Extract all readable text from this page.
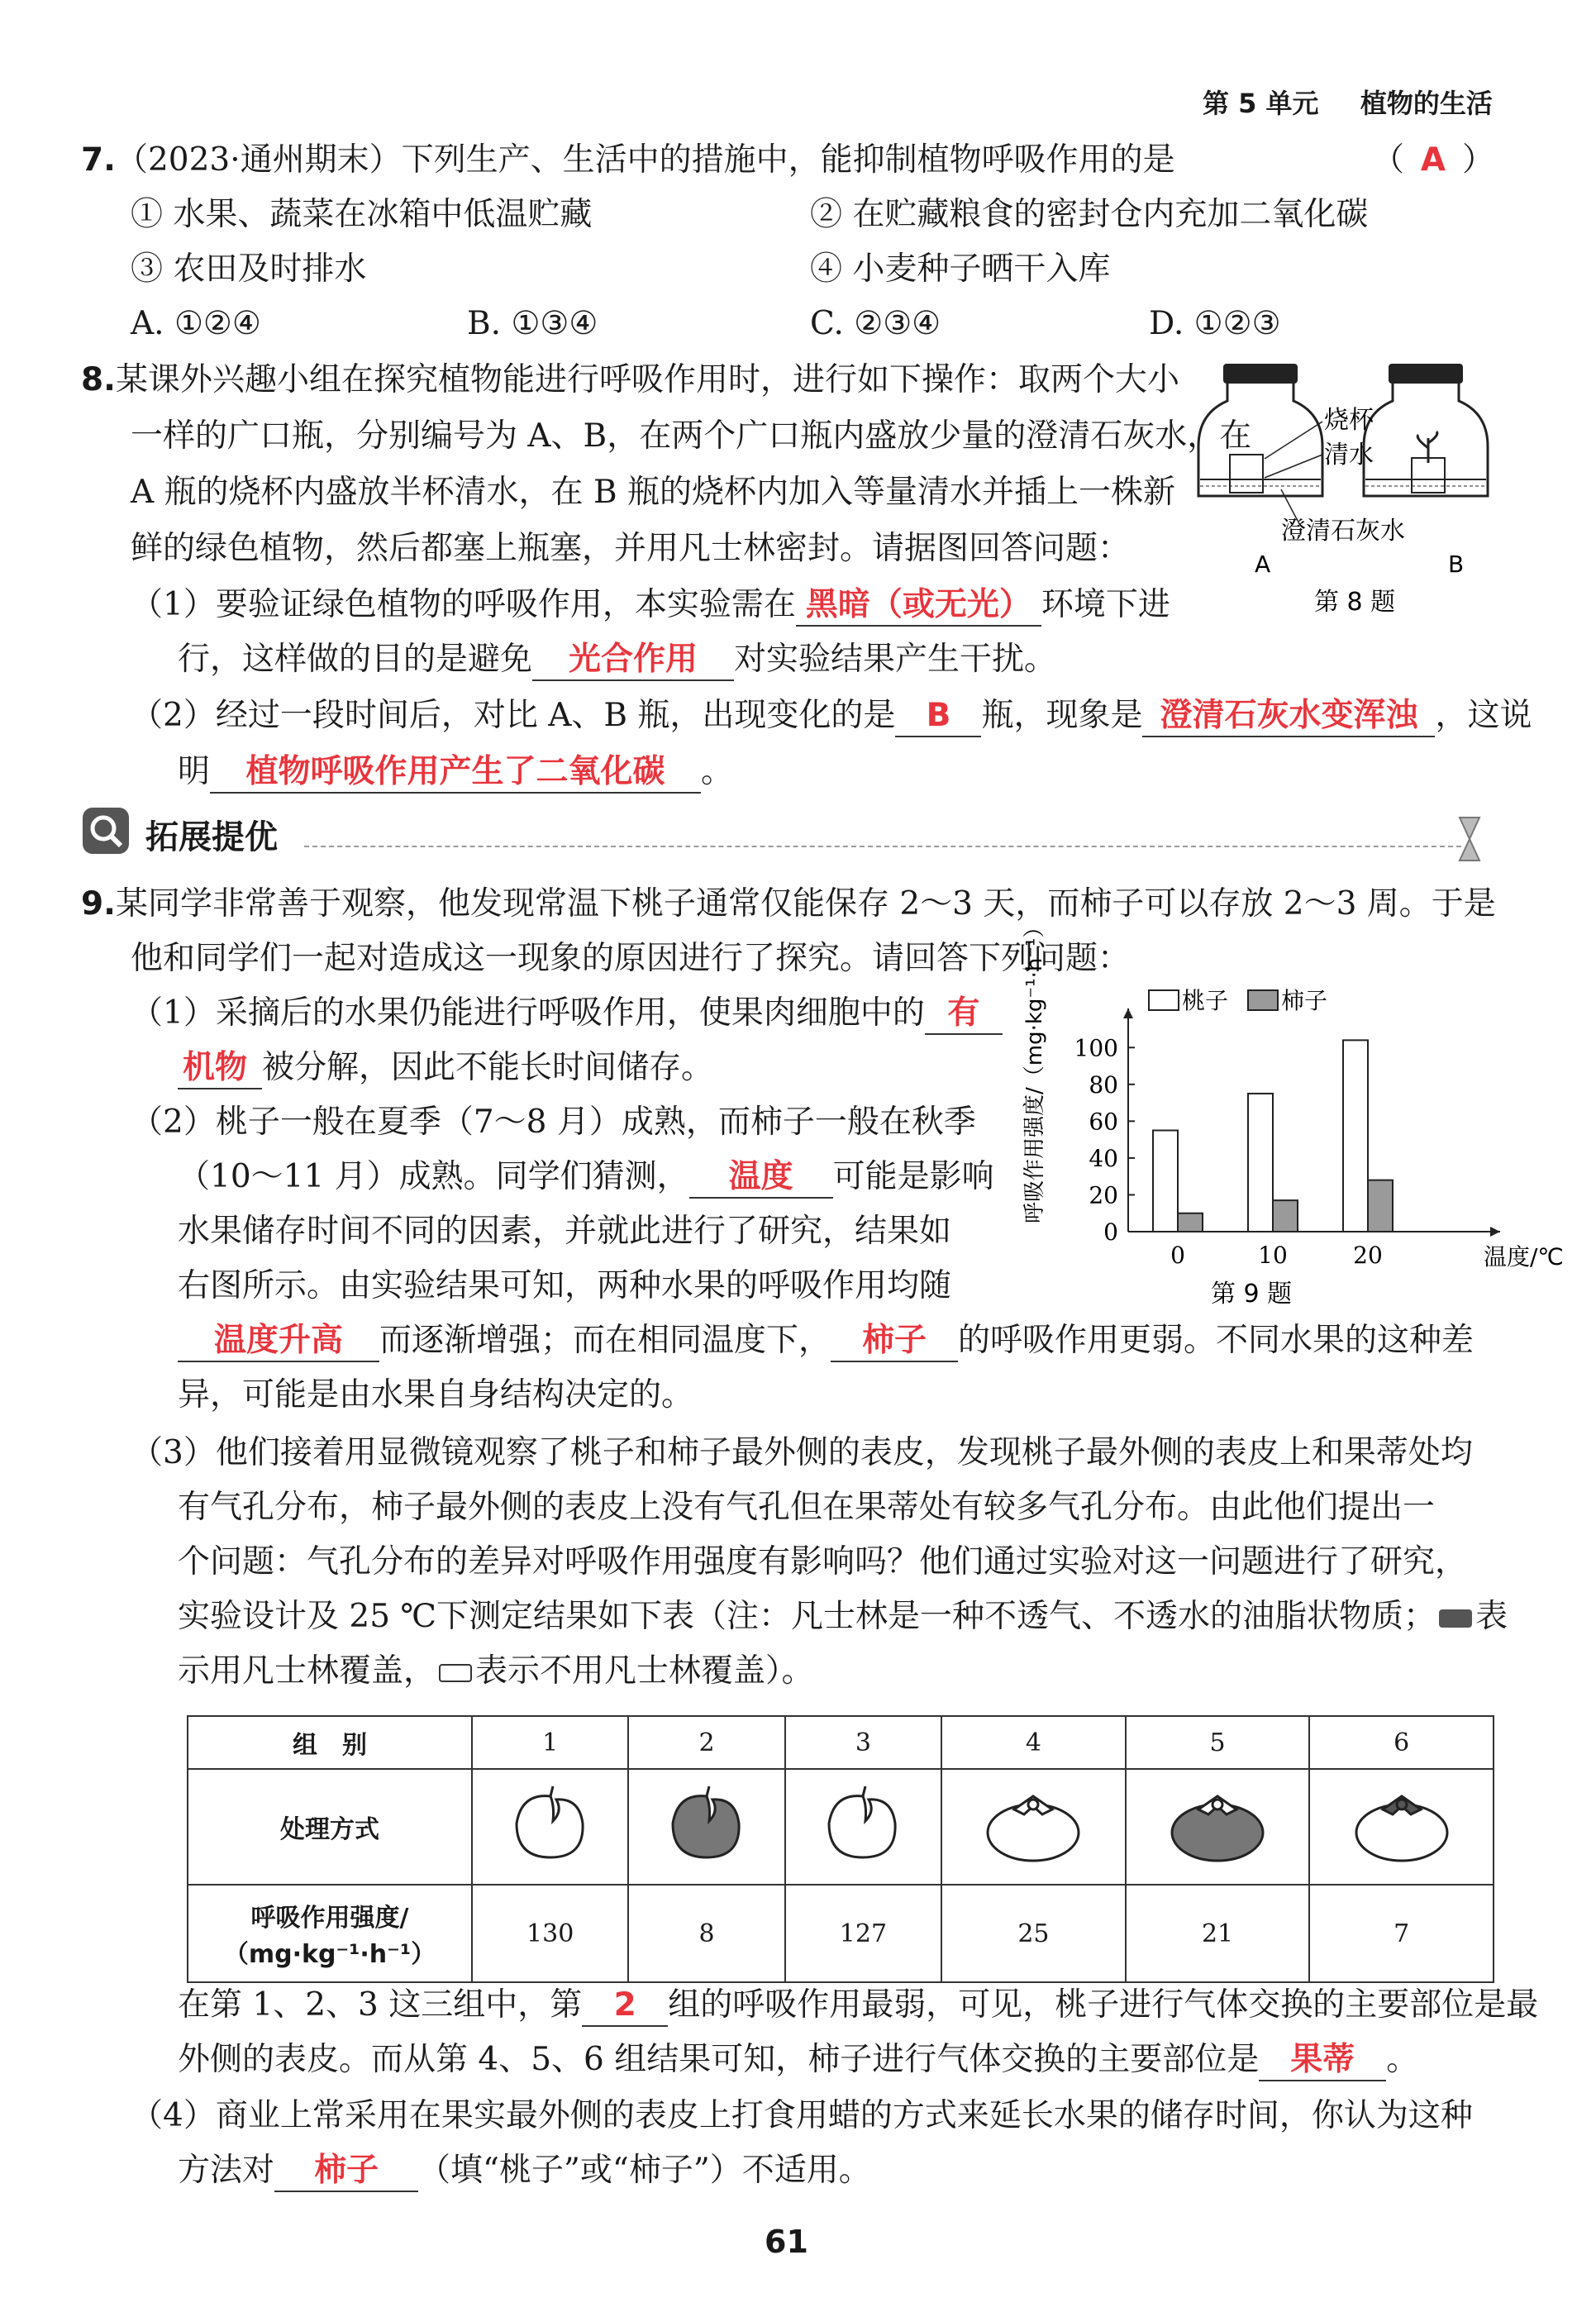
第 5 单元 植物的生活
7.（2023·通州期末）下列生产、生活中的措施中，能抑制植物呼吸作用的是	（ A ）
① 水果、蔬菜在冰箱中低温贮藏	② 在贮藏粮食的密封仓内充加二氧化碳
③ 农田及时排水	④ 小麦种子晒干入库
A. ①②④	B. ①③④	C. ②③④	D. ①②③
8.某课外兴趣小组在探究植物能进行呼吸作用时，进行如下操作：取两个大小
一样的广口瓶，分别编号为 A、B，在两个广口瓶内盛放少量的澄清石灰水，在
A 瓶的烧杯内盛放半杯清水，在 B 瓶的烧杯内加入等量清水并插上一株新
鲜的绿色植物，然后都塞上瓶塞，并用凡士林密封。请据图回答问题：
（1）要验证绿色植物的呼吸作用，本实验需在 黑暗（或无光） 环境下进
行，这样做的目的是避免 光合作用 对实验结果产生干扰。
（2）经过一段时间后，对比 A、B 瓶，出现变化的是 B 瓶，现象是 澄清石灰水变浑浊 ，这说
明 植物呼吸作用产生了二氧化碳 。
烧杯
清水
澄清石灰水
A	B
第 8 题
拓展提优
9.某同学非常善于观察，他发现常温下桃子通常仅能保存 2～3 天，而柿子可以存放 2～3 周。于是
他和同学们一起对造成这一现象的原因进行了探究。请回答下列问题：
（1）采摘后的水果仍能进行呼吸作用，使果肉细胞中的 有
机物 被分解，因此不能长时间储存。
（2）桃子一般在夏季（7～8 月）成熟，而柿子一般在秋季
（10～11 月）成熟。同学们猜测， 温度 可能是影响
水果储存时间不同的因素，并就此进行了研究，结果如
右图所示。由实验结果可知，两种水果的呼吸作用均随
温度升高 而逐渐增强；而在相同温度下， 柿子 的呼吸作用更弱。不同水果的这种差
异，可能是由水果自身结构决定的。
0
20
40
60
80
100
0	10	20
桃子 柿子
呼吸作用强度/（mg·kg⁻¹·h⁻¹）
温度/℃
第 9 题
（3）他们接着用显微镜观察了桃子和柿子最外侧的表皮，发现桃子最外侧的表皮上和果蒂处均
有气孔分布，柿子最外侧的表皮上没有气孔但在果蒂处有较多气孔分布。由此他们提出一
个问题：气孔分布的差异对呼吸作用强度有影响吗？他们通过实验对这一问题进行了研究，
实验设计及 25 ℃下测定结果如下表（注：凡士林是一种不透气、不透水的油脂状物质； 表
示用凡士林覆盖， 表示不用凡士林覆盖）。
组　别	1	2	3	4	5	6
处理方式						

呼吸作用强度/
（mg·kg⁻¹·h⁻¹）	130	8	127	25	21	7
在第 1、2、3 这三组中，第 2 组的呼吸作用最弱，可见，桃子进行气体交换的主要部位是最
外侧的表皮。而从第 4、5、6 组结果可知，柿子进行气体交换的主要部位是 果蒂 。
（4）商业上常采用在果实最外侧的表皮上打食用蜡的方式来延长水果的储存时间，你认为这种
方法对 柿子 （填“桃子”或“柿子”）不适用。
61
